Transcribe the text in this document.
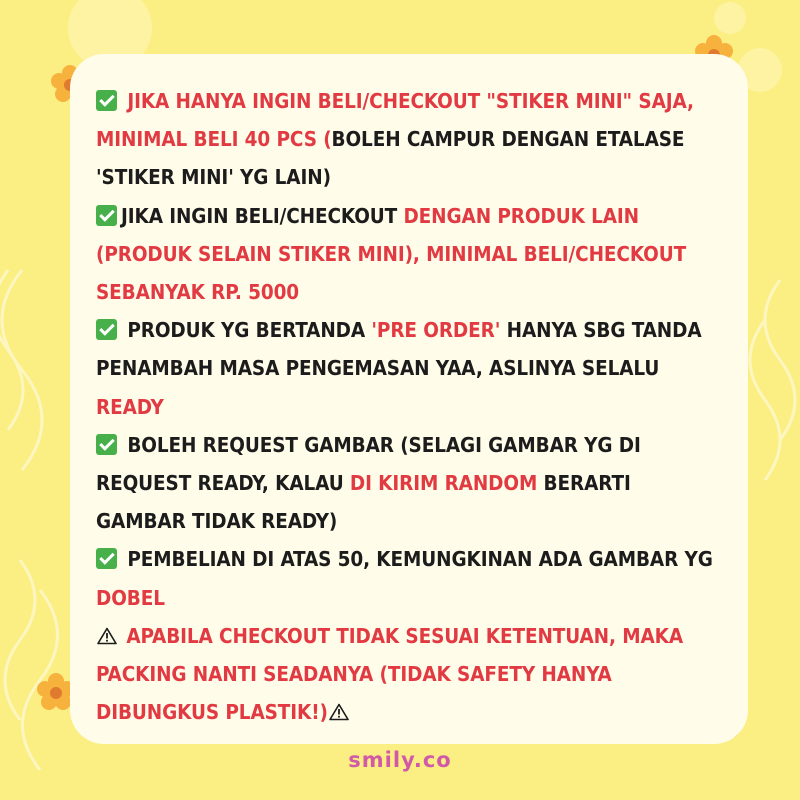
JIKA HANYA INGIN BELI/CHECKOUT "STIKER MINI" SAJA, MINIMAL BELI 40 PCS (BOLEH CAMPUR DENGAN ETALASE 'STIKER MINI' YG LAIN)
JIKA INGIN BELI/CHECKOUT DENGAN PRODUK LAIN (PRODUK SELAIN STIKER MINI), MINIMAL BELI/CHECKOUT SEBANYAK RP. 5000
PRODUK YG BERTANDA 'PRE ORDER' HANYA SBG TANDA PENAMBAH MASA PENGEMASAN YAA, ASLINYA SELALU READY
BOLEH REQUEST GAMBAR (SELAGI GAMBAR YG DI REQUEST READY, KALAU DI KIRIM RANDOM BERARTI GAMBAR TIDAK READY)
PEMBELIAN DI ATAS 50, KEMUNGKINAN ADA GAMBAR YG DOBEL
APABILA CHECKOUT TIDAK SESUAI KETENTUAN, MAKA PACKING NANTI SEADANYA (TIDAK SAFETY HANYA DIBUNGKUS PLASTIK!)
smily.co
